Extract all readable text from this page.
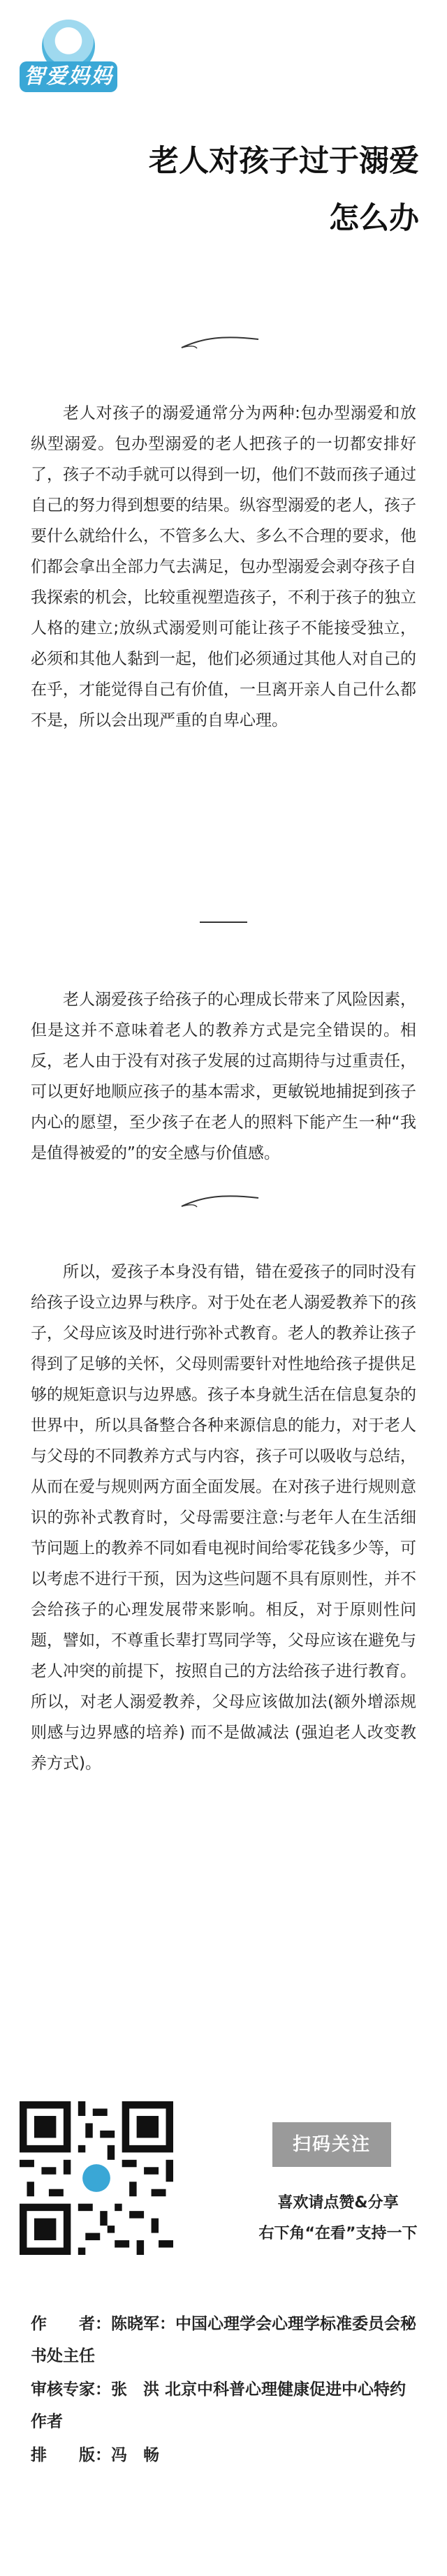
智爱妈妈
老人对孩子过于溺爱
怎么办

老人对孩子的溺爱通常分为两种:包办型溺爱和放纵型溺爱。包办型溺爱的老人把孩子的一切都安排好了，孩子不动手就可以得到一切，他们不鼓而孩子通过自己的努力得到想要的结果。纵容型溺爱的老人，孩子要什么就给什么，不管多么大、多么不合理的要求，他们都会拿出全部力气去满足，包办型溺爱会剥夺孩子自我探索的机会，比较重视塑造孩子，不利于孩子的独立人格的建立;放纵式溺爱则可能让孩子不能接受独立，必须和其他人黏到一起，他们必须通过其他人对自己的在乎，才能觉得自己有价值，一旦离开亲人自己什么都不是，所以会出现严重的自卑心理。

老人溺爱孩子给孩子的心理成长带来了风险因素，但是这并不意味着老人的教养方式是完全错误的。相反，老人由于没有对孩子发展的过高期待与过重责任，可以更好地顺应孩子的基本需求，更敏锐地捕捉到孩子内心的愿望，至少孩子在老人的照料下能产生一种“我是值得被爱的”的安全感与价值感。

所以，爱孩子本身没有错，错在爱孩子的同时没有给孩子设立边界与秩序。对于处在老人溺爱教养下的孩子，父母应该及时进行弥补式教育。老人的教养让孩子得到了足够的关怀，父母则需要针对性地给孩子提供足够的规矩意识与边界感。孩子本身就生活在信息复杂的世界中，所以具备整合各种来源信息的能力，对于老人与父母的不同教养方式与内容，孩子可以吸收与总结，从而在爱与规则两方面全面发展。在对孩子进行规则意识的弥补式教育时，父母需要注意:与老年人在生活细节问题上的教养不同如看电视时间给零花钱多少等，可以考虑不进行干预，因为这些问题不具有原则性，并不会给孩子的心理发展带来影响。相反，对于原则性问题，譬如，不尊重长辈打骂同学等，父母应该在避免与老人冲突的前提下，按照自己的方法给孩子进行教育。所以，对老人溺爱教养，父母应该做加法(额外增添规则感与边界感的培养) 而不是做减法 (强迫老人改变教养方式)。

扫码关注
喜欢请点赞&分享
右下角“在看”支持一下
作　　者：陈晓军：中国心理学会心理学标准委员会秘书处主任
审核专家：张　洪 北京中科普心理健康促进中心特约作者
排　　版：冯　畅
